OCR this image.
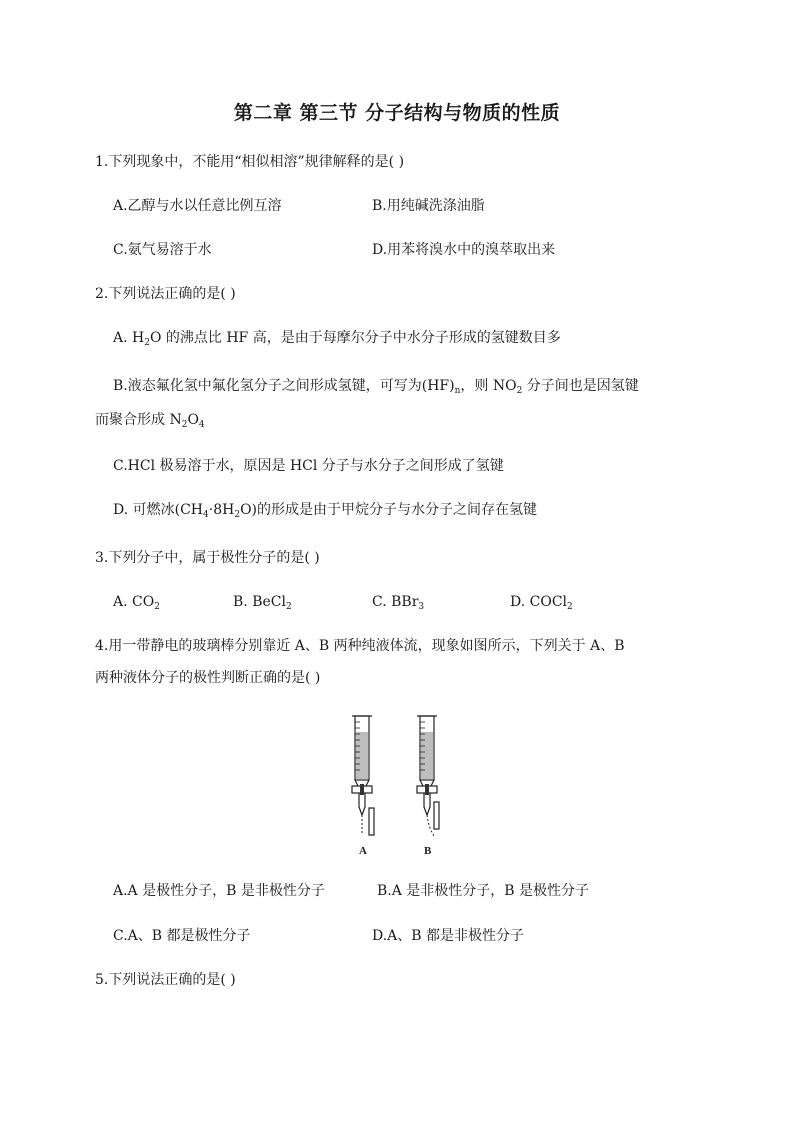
第二章 第三节 分子结构与物质的性质
1.下列现象中，不能用“相似相溶”规律解释的是( )
A.乙醇与水以任意比例互溶	B.用纯碱洗涤油脂
C.氨气易溶于水	D.用苯将溴水中的溴萃取出来
2.下列说法正确的是( )
A. $H_2O$ 的沸点比 HF 高，是由于每摩尔分子中水分子形成的氢键数目多
B.液态氟化氢中氟化氢分子之间形成氢键，可写为$(HF)_n$，则 $NO_2$ 分子间也是因氢键
而聚合形成 $N_2O_4$
C.HCl 极易溶于水，原因是 HCl 分子与水分子之间形成了氢键
D. 可燃冰$(CH_4\cdot 8H_2O)$的形成是由于甲烷分子与水分子之间存在氢键
3.下列分子中，属于极性分子的是( )
A. $CO_2$	B. BeCl$_2$	C. BBr$_3$	D. COCl$_2$
4.用一带静电的玻璃棒分别靠近 A、B 两种纯液体流，现象如图所示，下列关于 A、B
两种液体分子的极性判断正确的是( )
A	B
A.A 是极性分子，B 是非极性分子	B.A 是非极性分子，B 是极性分子
C.A、B 都是极性分子	D.A、B 都是非极性分子
5.下列说法正确的是( )
